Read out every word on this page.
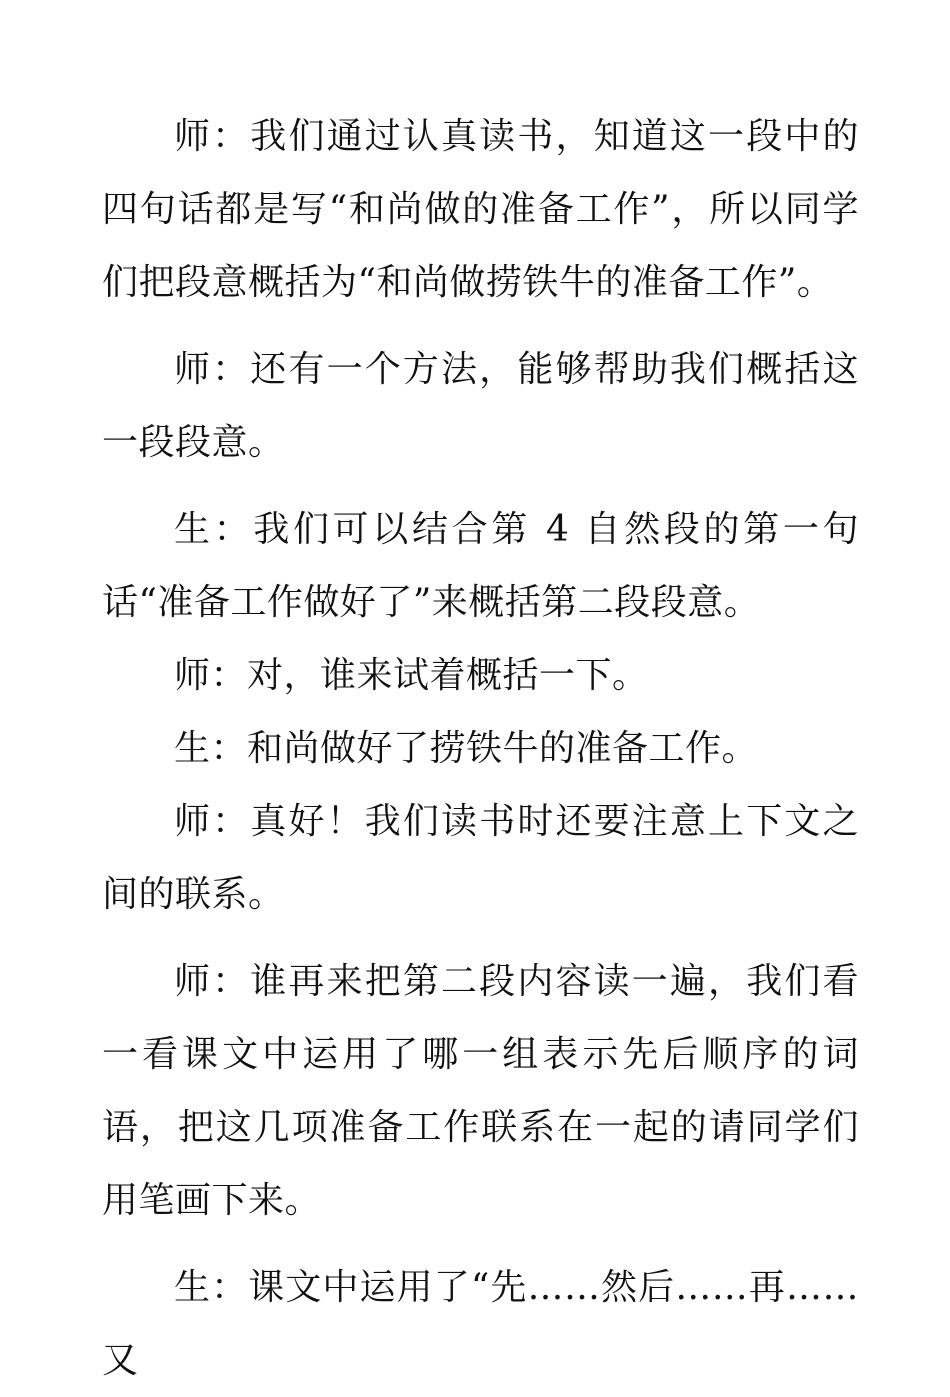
师：我们通过认真读书，知道这一段中的四句话都是写“和尚做的准备工作”，所以同学们把段意概括为“和尚做捞铁牛的准备工作”。

师：还有一个方法，能够帮助我们概括这一段段意。

生：我们可以结合第 4 自然段的第一句话“准备工作做好了”来概括第二段段意。

师：对，谁来试着概括一下。

生：和尚做好了捞铁牛的准备工作。

师：真好！我们读书时还要注意上下文之间的联系。

师：谁再来把第二段内容读一遍，我们看一看课文中运用了哪一组表示先后顺序的词语，把这几项准备工作联系在一起的请同学们用笔画下来。

生：课文中运用了“先……然后……再……又
